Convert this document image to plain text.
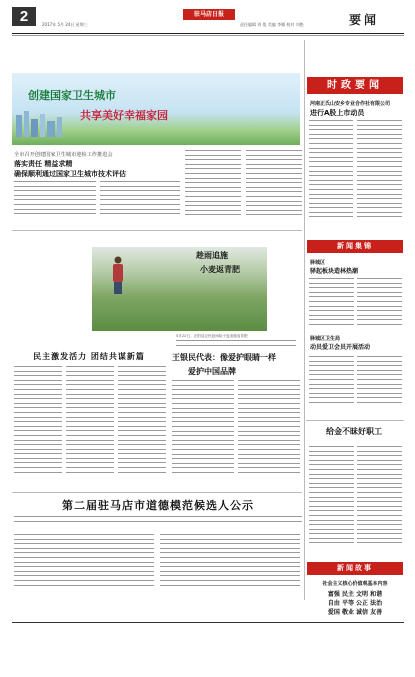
2	2017年 5月 24日 星期三
驻马店日报
责任编辑 刘 俊 美编 李娜 校对 刘艳	要闻
创建国家卫生城市
共享美好幸福家园
全市召开创建国家卫生城市迎检工作推进会
落实责任 精益求精
确保顺利通过国家卫生城市技术评估
时政要闻
河南正氏山安乡专业合作社有限公司
进行A股上市动员
趁雨追施
小麦返青肥
5月22日，正阳县农民趁雨给小麦追施返青肥
新闻集锦
驿城区
驿起板块造林热潮
驿城区卫生局
动员爱卫会员开展活动
民主激发活力 团结共谋新篇	王银民代表：像爱护眼睛一样
爱护中国品牌
给金不昧好职工
第二届驻马店市道德模范候选人公示
新闻故事
社会主义核心价值观基本内容
富强 民主 文明 和谐
自由 平等 公正 法治
爱国 敬业 诚信 友善
